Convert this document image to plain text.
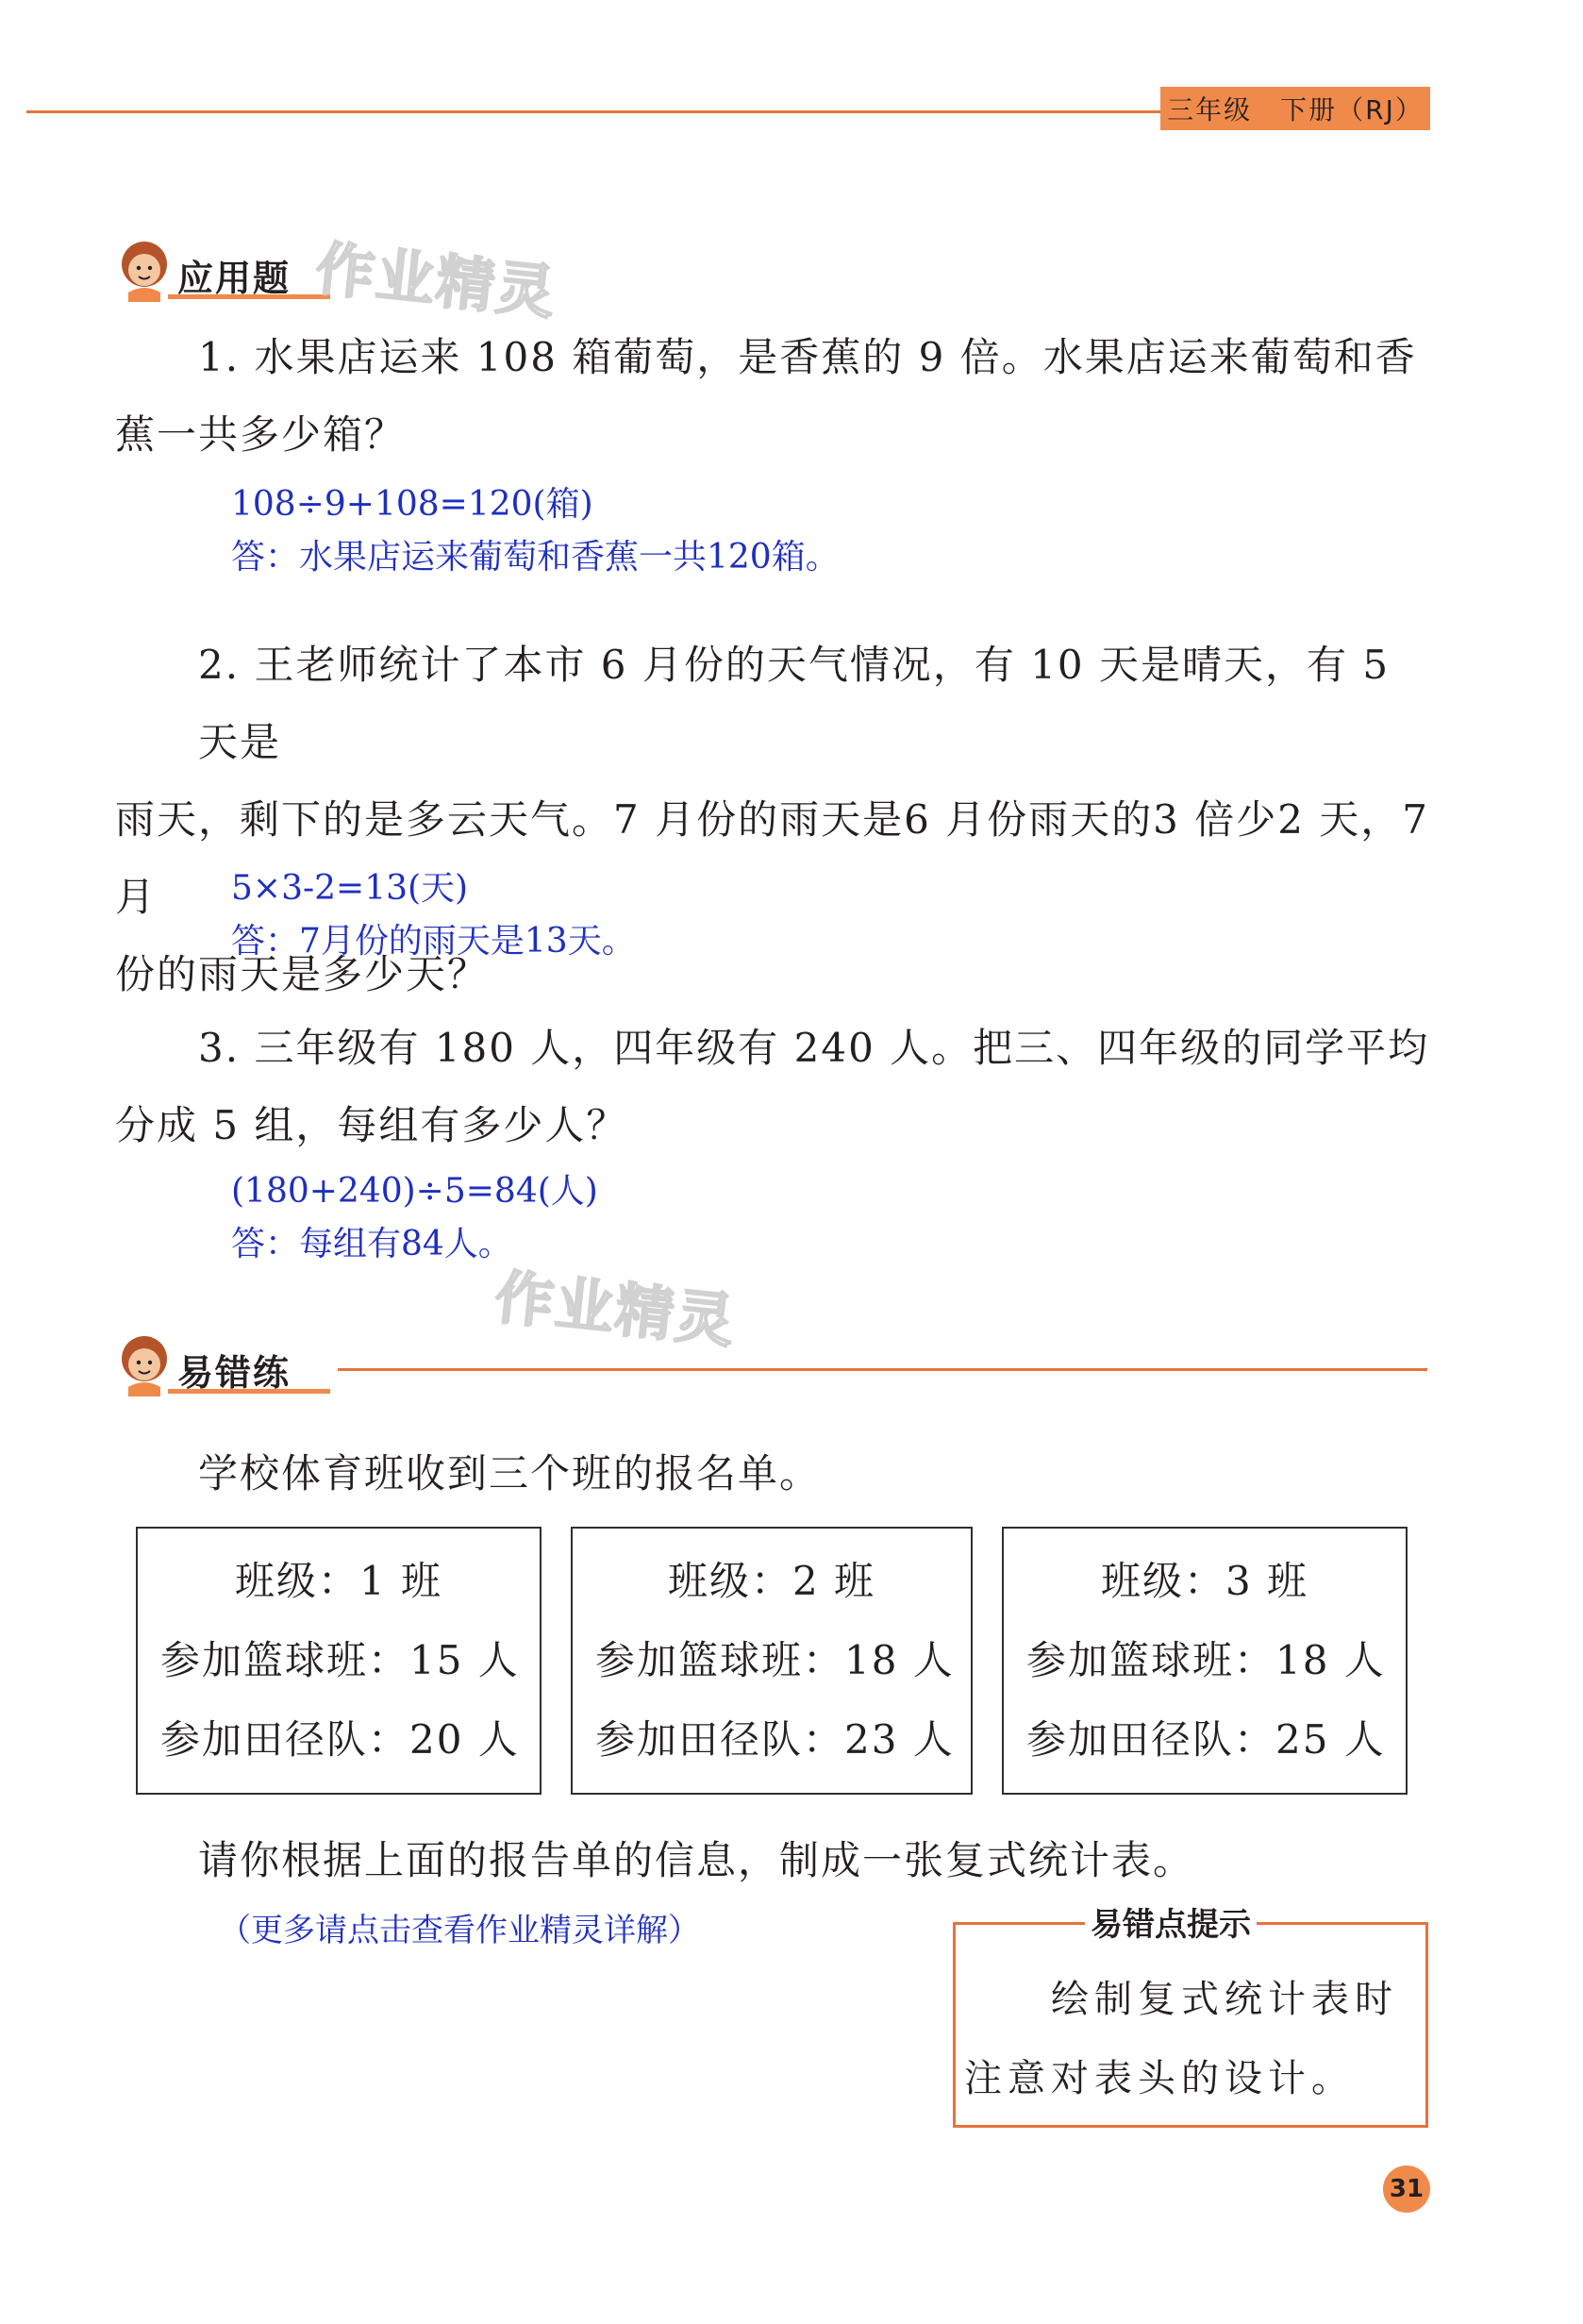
三年级　下册（RJ）
应用题 作业精灵
1. 水果店运来 108 箱葡萄，是香蕉的 9 倍。水果店运来葡萄和香
蕉一共多少箱？
108÷9+108=120(箱)
答：水果店运来葡萄和香蕉一共120箱。
2. 王老师统计了本市 6 月份的天气情况，有 10 天是晴天，有 5 天是
雨天，剩下的是多云天气。7 月份的雨天是6 月份雨天的3 倍少2 天，7 月
份的雨天是多少天？
5×3-2=13(天)
答：7月份的雨天是13天。
3. 三年级有 180 人，四年级有 240 人。把三、四年级的同学平均
分成 5 组，每组有多少人？
(180+240)÷5=84(人)
答：每组有84人。
作业精灵
易错练
学校体育班收到三个班的报名单。
班级：1 班
参加篮球班：15 人
参加田径队：20 人
班级：2 班
参加篮球班：18 人
参加田径队：23 人
班级：3 班
参加篮球班：18 人
参加田径队：25 人
请你根据上面的报告单的信息，制成一张复式统计表。
（更多请点击查看作业精灵详解）	易错点提示
绘制复式统计表时
注意对表头的设计。
31
